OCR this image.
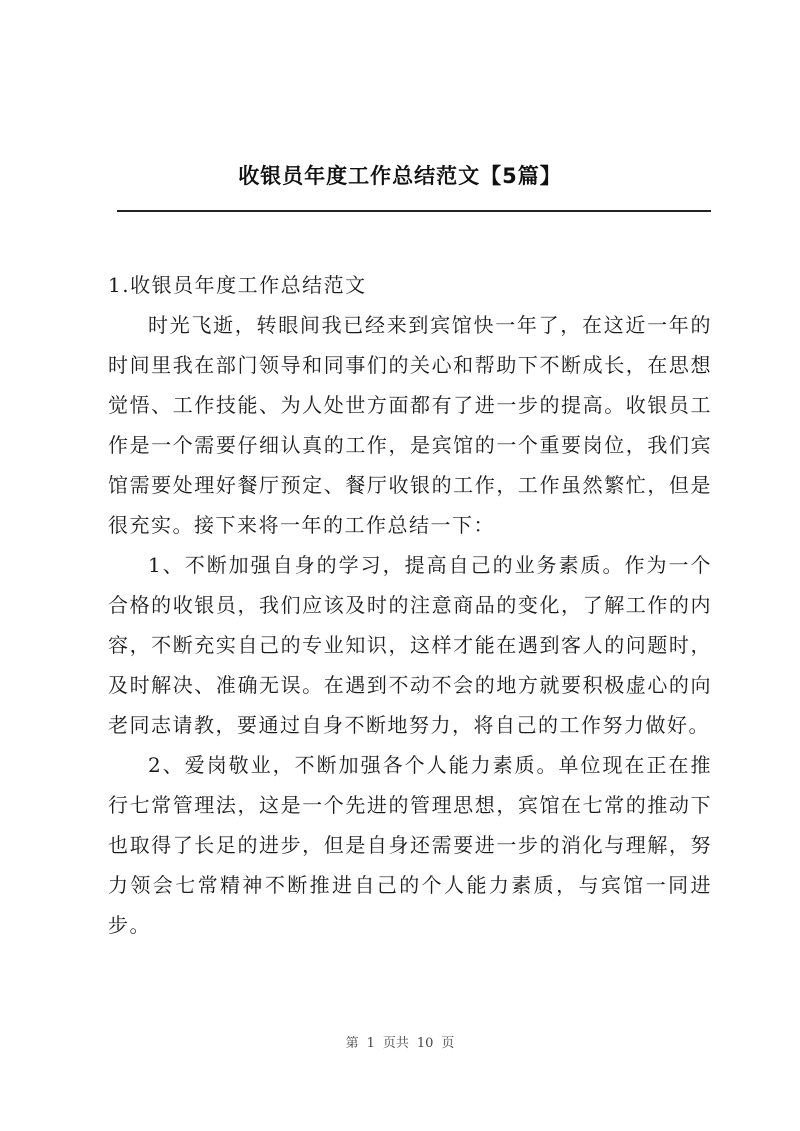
收银员年度工作总结范文【5篇】

1.收银员年度工作总结范文

时光飞逝，转眼间我已经来到宾馆快一年了，在这近一年的时间里我在部门领导和同事们的关心和帮助下不断成长，在思想觉悟、工作技能、为人处世方面都有了进一步的提高。收银员工作是一个需要仔细认真的工作，是宾馆的一个重要岗位，我们宾馆需要处理好餐厅预定、餐厅收银的工作，工作虽然繁忙，但是很充实。接下来将一年的工作总结一下：

1、不断加强自身的学习，提高自己的业务素质。作为一个合格的收银员，我们应该及时的注意商品的变化，了解工作的内容，不断充实自己的专业知识，这样才能在遇到客人的问题时，及时解决、准确无误。在遇到不动不会的地方就要积极虚心的向老同志请教，要通过自身不断地努力，将自己的工作努力做好。

2、爱岗敬业，不断加强各个人能力素质。单位现在正在推行七常管理法，这是一个先进的管理思想，宾馆在七常的推动下也取得了长足的进步，但是自身还需要进一步的消化与理解，努力领会七常精神不断推进自己的个人能力素质，与宾馆一同进步。

第 1 页共 10 页
